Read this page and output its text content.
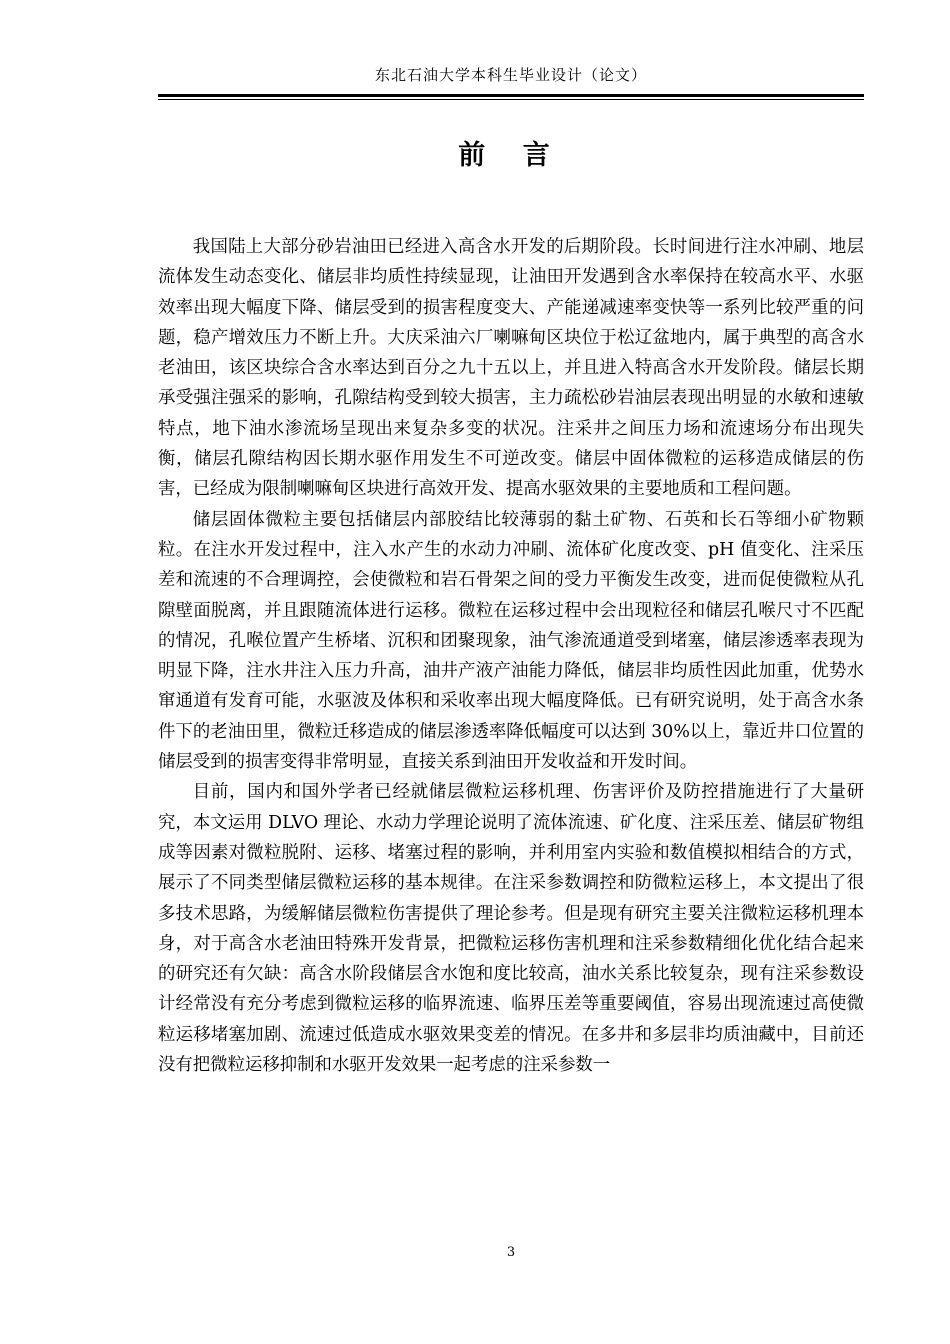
东北石油大学本科生毕业设计（论文）
前 言

我国陆上大部分砂岩油田已经进入高含水开发的后期阶段。长时间进行注水冲刷、地层流体发生动态变化、储层非均质性持续显现，让油田开发遇到含水率保持在较高水平、水驱效率出现大幅度下降、储层受到的损害程度变大、产能递减速率变快等一系列比较严重的问题，稳产增效压力不断上升。大庆采油六厂喇嘛甸区块位于松辽盆地内，属于典型的高含水老油田，该区块综合含水率达到百分之九十五以上，并且进入特高含水开发阶段。储层长期承受强注强采的影响，孔隙结构受到较大损害，主力疏松砂岩油层表现出明显的水敏和速敏特点，地下油水渗流场呈现出来复杂多变的状况。注采井之间压力场和流速场分布出现失衡，储层孔隙结构因长期水驱作用发生不可逆改变。储层中固体微粒的运移造成储层的伤害，已经成为限制喇嘛甸区块进行高效开发、提高水驱效果的主要地质和工程问题。

储层固体微粒主要包括储层内部胶结比较薄弱的黏土矿物、石英和长石等细小矿物颗粒。在注水开发过程中，注入水产生的水动力冲刷、流体矿化度改变、pH 值变化、注采压差和流速的不合理调控，会使微粒和岩石骨架之间的受力平衡发生改变，进而促使微粒从孔隙壁面脱离，并且跟随流体进行运移。微粒在运移过程中会出现粒径和储层孔喉尺寸不匹配的情况，孔喉位置产生桥堵、沉积和团聚现象，油气渗流通道受到堵塞，储层渗透率表现为明显下降，注水井注入压力升高，油井产液产油能力降低，储层非均质性因此加重，优势水窜通道有发育可能，水驱波及体积和采收率出现大幅度降低。已有研究说明，处于高含水条件下的老油田里，微粒迁移造成的储层渗透率降低幅度可以达到 30%以上，靠近井口位置的储层受到的损害变得非常明显，直接关系到油田开发收益和开发时间。

目前，国内和国外学者已经就储层微粒运移机理、伤害评价及防控措施进行了大量研究，本文运用 DLVO 理论、水动力学理论说明了流体流速、矿化度、注采压差、储层矿物组成等因素对微粒脱附、运移、堵塞过程的影响，并利用室内实验和数值模拟相结合的方式，展示了不同类型储层微粒运移的基本规律。在注采参数调控和防微粒运移上，本文提出了很多技术思路，为缓解储层微粒伤害提供了理论参考。但是现有研究主要关注微粒运移机理本身，对于高含水老油田特殊开发背景，把微粒运移伤害机理和注采参数精细化优化结合起来的研究还有欠缺：高含水阶段储层含水饱和度比较高，油水关系比较复杂，现有注采参数设计经常没有充分考虑到微粒运移的临界流速、临界压差等重要阈值，容易出现流速过高使微粒运移堵塞加剧、流速过低造成水驱效果变差的情况。在多井和多层非均质油藏中，目前还没有把微粒运移抑制和水驱开发效果一起考虑的注采参数一

3
